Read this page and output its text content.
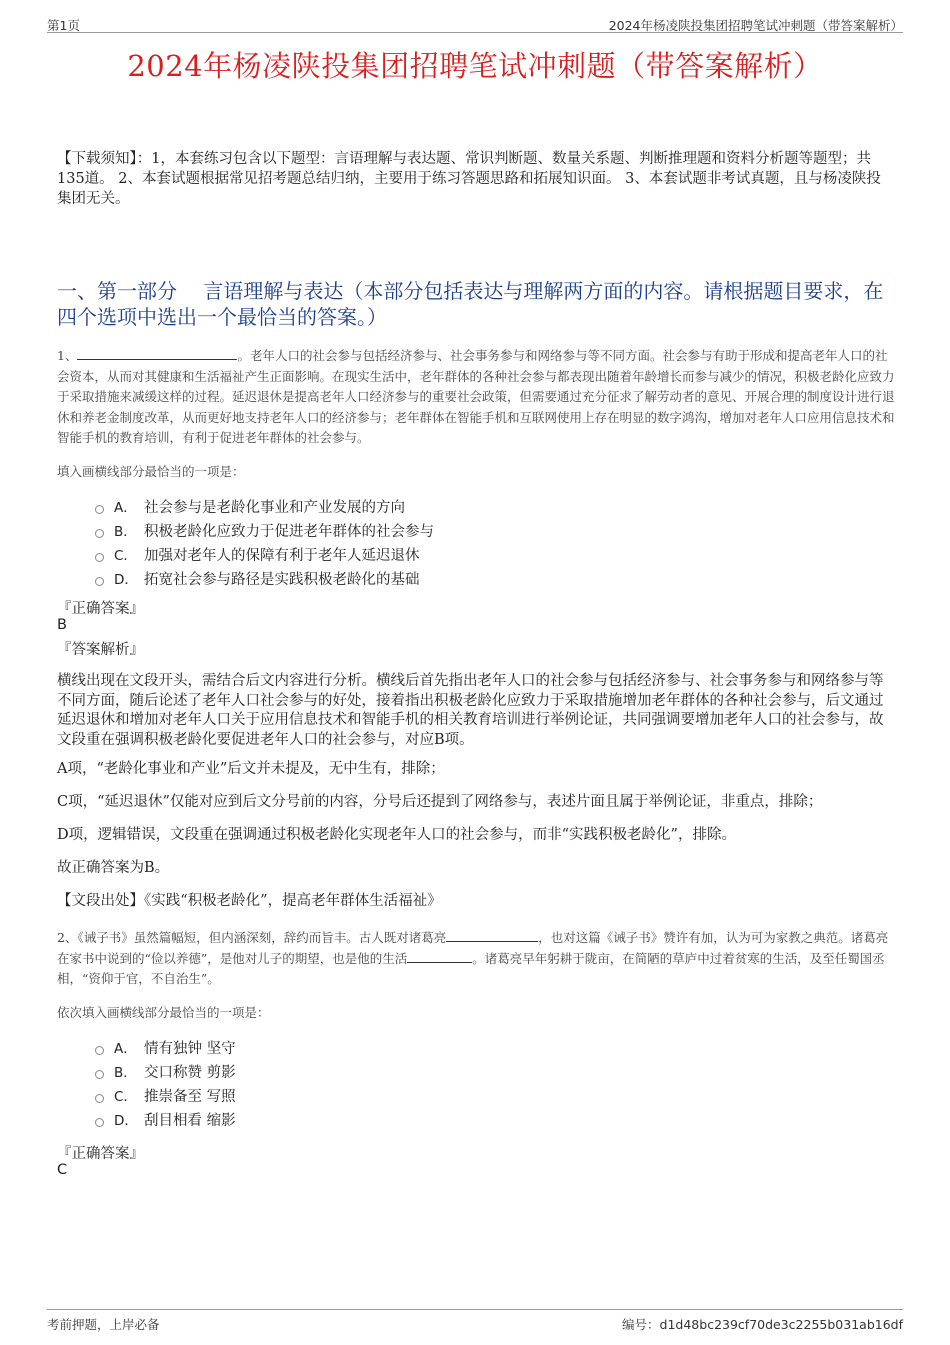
第1页	2024年杨凌陕投集团招聘笔试冲刺题（带答案解析）
2024年杨凌陕投集团招聘笔试冲刺题（带答案解析）
【下载须知】：1，本套练习包含以下题型：言语理解与表达题、常识判断题、数量关系题、判断推理题和资料分析题等题型；共135道。 2、本套试题根据常见招考题总结归纳，主要用于练习答题思路和拓展知识面。 3、本套试题非考试真题，且与杨凌陕投集团无关。
一、第一部分　 言语理解与表达（本部分包括表达与理解两方面的内容。请根据题目要求，在四个选项中选出一个最恰当的答案。）
1、	。老年人口的社会参与包括经济参与、社会事务参与和网络参与等不同方面。社会参与有助于形成和提高老年人口的社会资本，从而对其健康和生活福祉产生正面影响。在现实生活中，老年群体的各种社会参与都表现出随着年龄增长而参与减少的情况，积极老龄化应致力于采取措施来减缓这样的过程。延迟退休是提高老年人口经济参与的重要社会政策，但需要通过充分征求了解劳动者的意见、开展合理的制度设计进行退休和养老金制度改革，从而更好地支持老年人口的经济参与；老年群体在智能手机和互联网使用上存在明显的数字鸿沟，增加对老年人口应用信息技术和智能手机的教育培训，有利于促进老年群体的社会参与。
填入画横线部分最恰当的一项是：
A． 社会参与是老龄化事业和产业发展的方向
B． 积极老龄化应致力于促进老年群体的社会参与
C． 加强对老年人的保障有利于老年人延迟退休
D． 拓宽社会参与路径是实践积极老龄化的基础
『正确答案』
B
『答案解析』
横线出现在文段开头，需结合后文内容进行分析。横线后首先指出老年人口的社会参与包括经济参与、社会事务参与和网络参与等不同方面，随后论述了老年人口社会参与的好处，接着指出积极老龄化应致力于采取措施增加老年群体的各种社会参与，后文通过延迟退休和增加对老年人口关于应用信息技术和智能手机的相关教育培训进行举例论证，共同强调要增加老年人口的社会参与，故文段重在强调积极老龄化要促进老年人口的社会参与，对应B项。
A项，“老龄化事业和产业”后文并未提及，无中生有，排除；
C项，“延迟退休”仅能对应到后文分号前的内容，分号后还提到了网络参与，表述片面且属于举例论证，非重点，排除；
D项，逻辑错误，文段重在强调通过积极老龄化实现老年人口的社会参与，而非“实践积极老龄化”，排除。
故正确答案为B。
【文段出处】《实践“积极老龄化”，提高老年群体生活福祉》
2、《诫子书》虽然篇幅短，但内涵深刻，辞约而旨丰。古人既对诸葛亮	，也对这篇《诫子书》赞许有加，认为可为家教之典范。诸葛亮在家书中说到的“俭以养德”，是他对儿子的期望，也是他的生活	。诸葛亮早年躬耕于陇亩，在简陋的草庐中过着贫寒的生活，及至任蜀国丞相，“资仰于官，不自治生”。
依次填入画横线部分最恰当的一项是：
A． 情有独钟 坚守
B． 交口称赞 剪影
C． 推崇备至 写照
D． 刮目相看 缩影
『正确答案』
C
考前押题，上岸必备	编号：d1d48bc239cf70de3c2255b031ab16df
